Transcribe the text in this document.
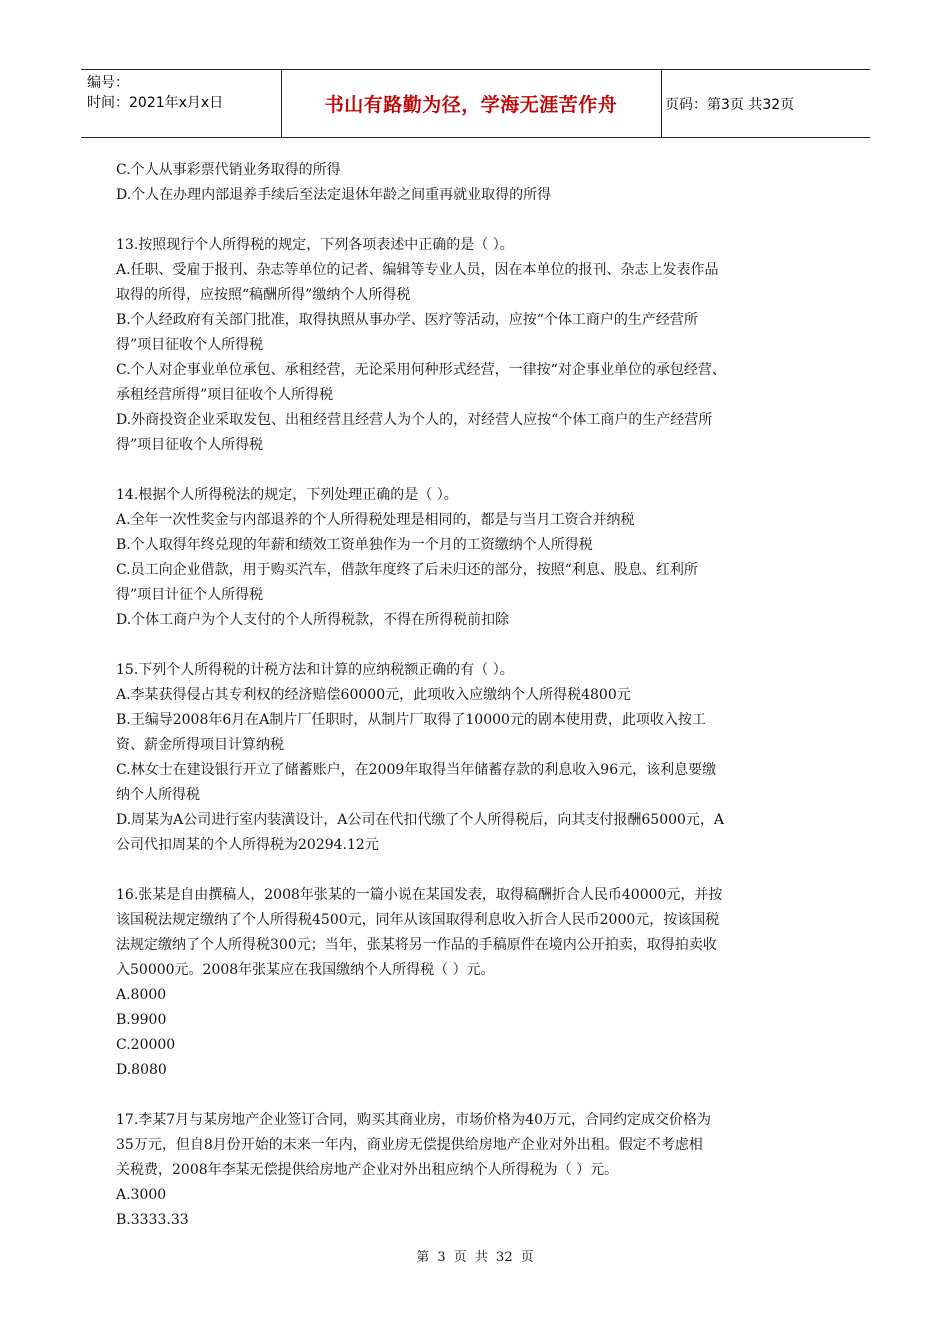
编号：
时间：2021年x月x日	书山有路勤为径，学海无涯苦作舟	页码：第3页 共32页
C.个人从事彩票代销业务取得的所得
D.个人在办理内部退养手续后至法定退休年龄之间重再就业取得的所得
13.按照现行个人所得税的规定，下列各项表述中正确的是（ ）。
A.任职、受雇于报刊、杂志等单位的记者、编辑等专业人员，因在本单位的报刊、杂志上发表作品
取得的所得，应按照“稿酬所得”缴纳个人所得税
B.个人经政府有关部门批准，取得执照从事办学、医疗等活动，应按“个体工商户的生产经营所
得”项目征收个人所得税
C.个人对企事业单位承包、承租经营，无论采用何种形式经营，一律按“对企事业单位的承包经营、
承租经营所得”项目征收个人所得税
D.外商投资企业采取发包、出租经营且经营人为个人的，对经营人应按“个体工商户的生产经营所
得”项目征收个人所得税
14.根据个人所得税法的规定，下列处理正确的是（ ）。
A.全年一次性奖金与内部退养的个人所得税处理是相同的，都是与当月工资合并纳税
B.个人取得年终兑现的年薪和绩效工资单独作为一个月的工资缴纳个人所得税
C.员工向企业借款，用于购买汽车，借款年度终了后未归还的部分，按照“利息、股息、红利所
得”项目计征个人所得税
D.个体工商户为个人支付的个人所得税款，不得在所得税前扣除
15.下列个人所得税的计税方法和计算的应纳税额正确的有（ ）。
A.李某获得侵占其专利权的经济赔偿60000元，此项收入应缴纳个人所得税4800元
B.王编导2008年6月在A制片厂任职时，从制片厂取得了10000元的剧本使用费，此项收入按工
资、薪金所得项目计算纳税
C.林女士在建设银行开立了储蓄账户，在2009年取得当年储蓄存款的利息收入96元，该利息要缴
纳个人所得税
D.周某为A公司进行室内装潢设计，A公司在代扣代缴了个人所得税后，向其支付报酬65000元，A
公司代扣周某的个人所得税为20294.12元
16.张某是自由撰稿人，2008年张某的一篇小说在某国发表，取得稿酬折合人民币40000元，并按
该国税法规定缴纳了个人所得税4500元，同年从该国取得利息收入折合人民币2000元，按该国税
法规定缴纳了个人所得税300元；当年，张某将另一作品的手稿原件在境内公开拍卖，取得拍卖收
入50000元。2008年张某应在我国缴纳个人所得税（ ）元。
A.8000
B.9900
C.20000
D.8080
17.李某7月与某房地产企业签订合同，购买其商业房，市场价格为40万元，合同约定成交价格为
35万元，但自8月份开始的未来一年内，商业房无偿提供给房地产企业对外出租。假定不考虑相
关税费，2008年李某无偿提供给房地产企业对外出租应纳个人所得税为（ ）元。
A.3000
B.3333.33
第 3 页 共 32 页
